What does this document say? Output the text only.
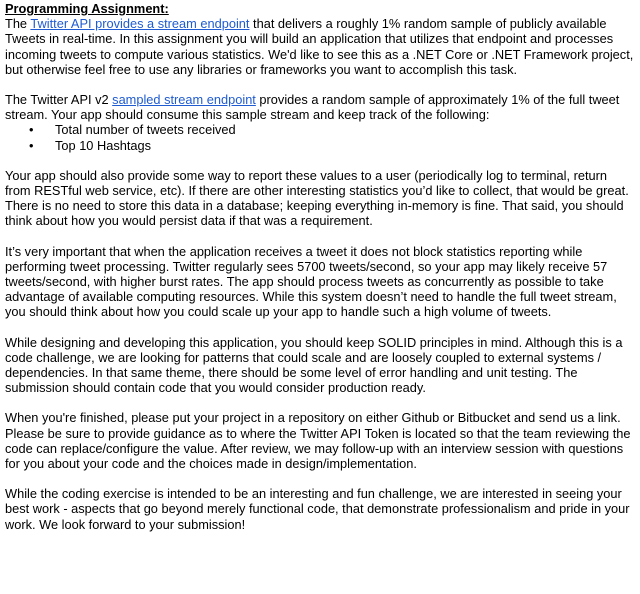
Programming Assignment:

The Twitter API provides a stream endpoint that delivers a roughly 1% random sample of publicly available Tweets in real-time. In this assignment you will build an application that utilizes that endpoint and processes incoming tweets to compute various statistics. We'd like to see this as a .NET Core or .NET Framework project, but otherwise feel free to use any libraries or frameworks you want to accomplish this task.

The Twitter API v2 sampled stream endpoint provides a random sample of approximately 1% of the full tweet stream. Your app should consume this sample stream and keep track of the following:

• Total number of tweets received
• Top 10 Hashtags

Your app should also provide some way to report these values to a user (periodically log to terminal, return from RESTful web service, etc). If there are other interesting statistics you’d like to collect, that would be great. There is no need to store this data in a database; keeping everything in-memory is fine. That said, you should think about how you would persist data if that was a requirement.

It’s very important that when the application receives a tweet it does not block statistics reporting while performing tweet processing. Twitter regularly sees 5700 tweets/second, so your app may likely receive 57 tweets/second, with higher burst rates. The app should process tweets as concurrently as possible to take advantage of available computing resources. While this system doesn’t need to handle the full tweet stream, you should think about how you could scale up your app to handle such a high volume of tweets.

While designing and developing this application, you should keep SOLID principles in mind. Although this is a code challenge, we are looking for patterns that could scale and are loosely coupled to external systems / dependencies. In that same theme, there should be some level of error handling and unit testing. The submission should contain code that you would consider production ready.

When you're finished, please put your project in a repository on either Github or Bitbucket and send us a link. Please be sure to provide guidance as to where the Twitter API Token is located so that the team reviewing the code can replace/configure the value. After review, we may follow-up with an interview session with questions for you about your code and the choices made in design/implementation.

While the coding exercise is intended to be an interesting and fun challenge, we are interested in seeing your best work - aspects that go beyond merely functional code, that demonstrate professionalism and pride in your work. We look forward to your submission!
